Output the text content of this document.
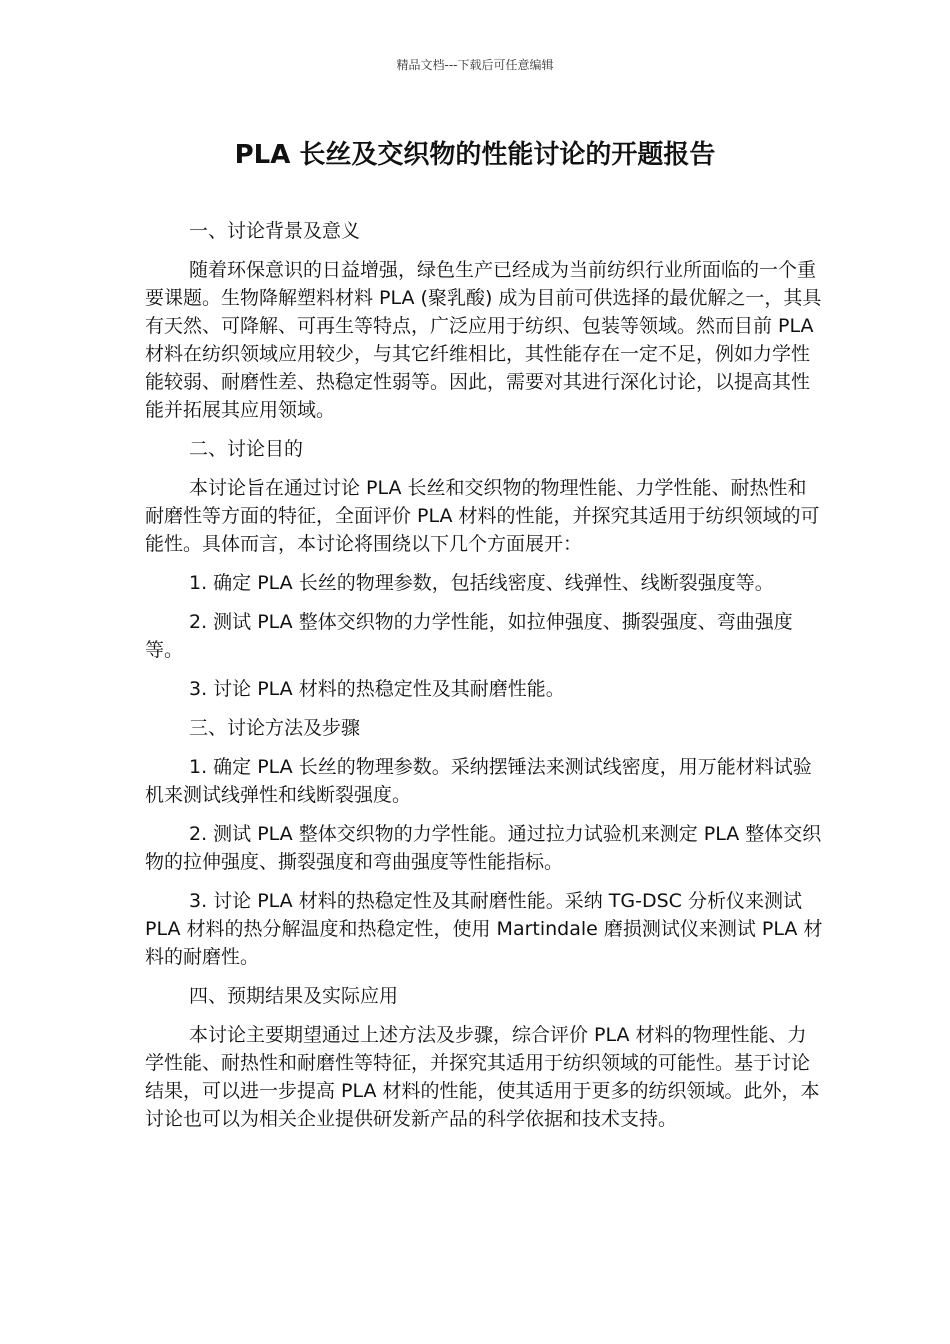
精品文档---下载后可任意编辑
PLA 长丝及交织物的性能讨论的开题报告

一、讨论背景及意义

随着环保意识的日益增强，绿色生产已经成为当前纺织行业所面临的一个重要课题。生物降解塑料材料 PLA (聚乳酸) 成为目前可供选择的最优解之一，其具有天然、可降解、可再生等特点，广泛应用于纺织、包装等领域。然而目前 PLA 材料在纺织领域应用较少，与其它纤维相比，其性能存在一定不足，例如力学性能较弱、耐磨性差、热稳定性弱等。因此，需要对其进行深化讨论，以提高其性能并拓展其应用领域。

二、讨论目的

本讨论旨在通过讨论 PLA 长丝和交织物的物理性能、力学性能、耐热性和耐磨性等方面的特征，全面评价 PLA 材料的性能，并探究其适用于纺织领域的可能性。具体而言，本讨论将围绕以下几个方面展开：

1. 确定 PLA 长丝的物理参数，包括线密度、线弹性、线断裂强度等。

2. 测试 PLA 整体交织物的力学性能，如拉伸强度、撕裂强度、弯曲强度等。

3. 讨论 PLA 材料的热稳定性及其耐磨性能。

三、讨论方法及步骤

1. 确定 PLA 长丝的物理参数。采纳摆锤法来测试线密度，用万能材料试验机来测试线弹性和线断裂强度。

2. 测试 PLA 整体交织物的力学性能。通过拉力试验机来测定 PLA 整体交织物的拉伸强度、撕裂强度和弯曲强度等性能指标。

3. 讨论 PLA 材料的热稳定性及其耐磨性能。采纳 TG-DSC 分析仪来测试 PLA 材料的热分解温度和热稳定性，使用 Martindale 磨损测试仪来测试 PLA 材料的耐磨性。

四、预期结果及实际应用

本讨论主要期望通过上述方法及步骤，综合评价 PLA 材料的物理性能、力学性能、耐热性和耐磨性等特征，并探究其适用于纺织领域的可能性。基于讨论结果，可以进一步提高 PLA 材料的性能，使其适用于更多的纺织领域。此外，本讨论也可以为相关企业提供研发新产品的科学依据和技术支持。
